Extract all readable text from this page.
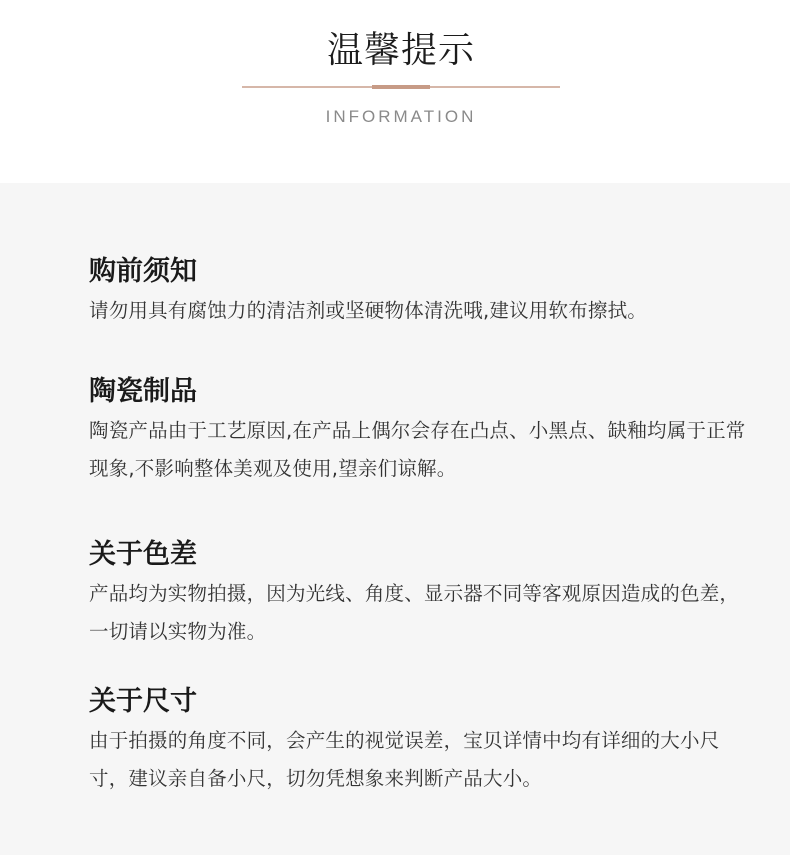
温馨提示
INFORMATION
购前须知

请勿用具有腐蚀力的清洁剂或坚硬物体清洗哦,建议用软布擦拭。

陶瓷制品

陶瓷产品由于工艺原因,在产品上偶尔会存在凸点、小黑点、缺釉均属于正常现象,不影响整体美观及使用,望亲们谅解。

关于色差

产品均为实物拍摄，因为光线、角度、显示器不同等客观原因造成的色差，一切请以实物为准。

关于尺寸

由于拍摄的角度不同，会产生的视觉误差，宝贝详情中均有详细的大小尺寸，建议亲自备小尺，切勿凭想象来判断产品大小。
